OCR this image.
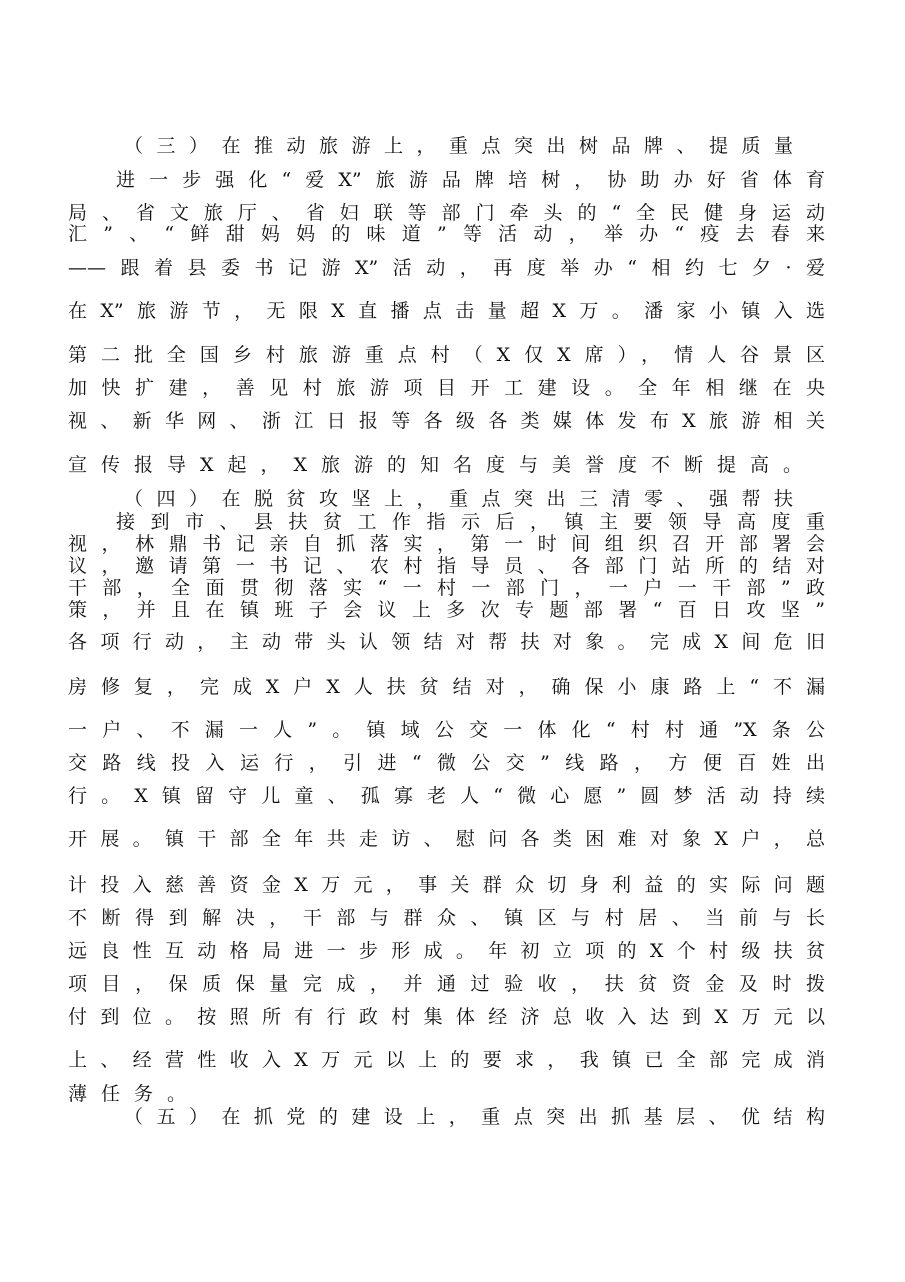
（三）在推动旅游上，重点突出树品牌、提质量
进一步强化“爱X”旅游品牌培树，协助办好省体育
局、省文旅厅、省妇联等部门牵头的“全民健身运动
汇”、“鲜甜妈妈的味道”等活动，举办“疫去春来
——跟着县委书记游X”活动，再度举办“相约七夕·爱
在X”旅游节，无限X直播点击量超X万。潘家小镇入选
第二批全国乡村旅游重点村（X仅X席），情人谷景区
加快扩建，善见村旅游项目开工建设。全年相继在央
视、新华网、浙江日报等各级各类媒体发布X旅游相关
宣传报导X起，X旅游的知名度与美誉度不断提高。
（四）在脱贫攻坚上，重点突出三清零、强帮扶
接到市、县扶贫工作指示后，镇主要领导高度重
视，林鼎书记亲自抓落实，第一时间组织召开部署会
议，邀请第一书记、农村指导员、各部门站所的结对
干部，全面贯彻落实“一村一部门，一户一干部”政
策，并且在镇班子会议上多次专题部署“百日攻坚”
各项行动，主动带头认领结对帮扶对象。完成X间危旧
房修复，完成X户X人扶贫结对，确保小康路上“不漏
一户、不漏一人”。镇域公交一体化“村村通”X条公
交路线投入运行，引进“微公交”线路，方便百姓出
行。X镇留守儿童、孤寡老人“微心愿”圆梦活动持续
开展。镇干部全年共走访、慰问各类困难对象X户，总
计投入慈善资金X万元，事关群众切身利益的实际问题
不断得到解决，干部与群众、镇区与村居、当前与长
远良性互动格局进一步形成。年初立项的X个村级扶贫
项目，保质保量完成，并通过验收，扶贫资金及时拨
付到位。按照所有行政村集体经济总收入达到X万元以
上、经营性收入X万元以上的要求，我镇已全部完成消
薄任务。
（五）在抓党的建设上，重点突出抓基层、优结构
